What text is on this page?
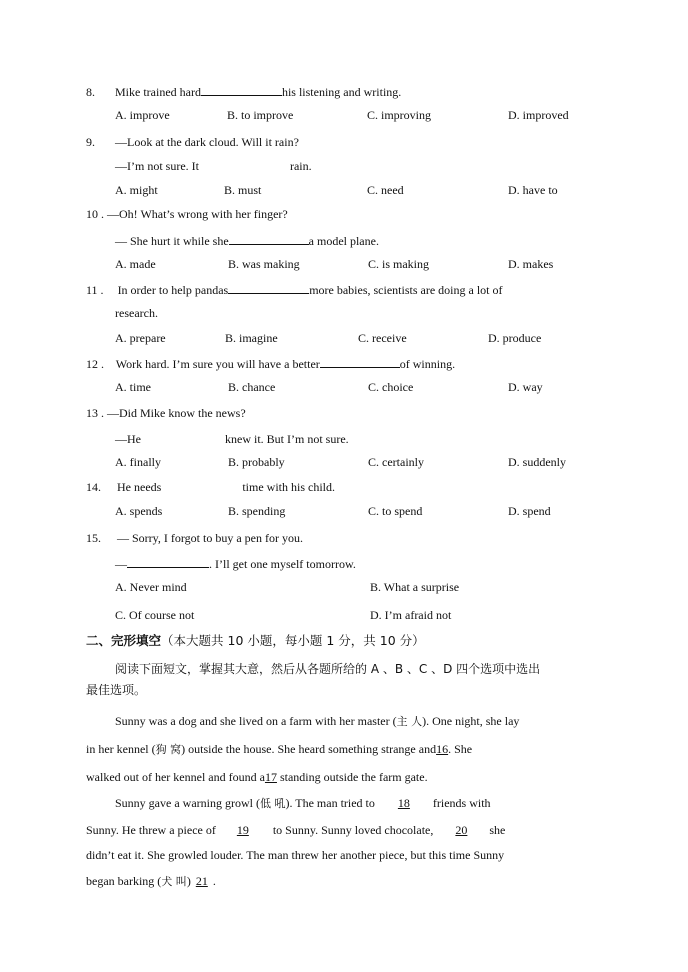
8. Mike trained hard	his listening and writing.
A. improve	B. to improve	C. improving	D. improved
9. —Look at the dark cloud. Will it rain?
—I’m not sure. It	rain.
A. might	B. must	C. need	D. have to
10 . —Oh! What’s wrong with her finger?
— She hurt it while she	a model plane.
A. made	B. was making	C. is making	D. makes
11 . In order to help pandas	more babies, scientists are doing a lot of
research.
A. prepare	B. imagine	C. receive	D. produce
12 . Work hard. I’m sure you will have a better	of winning.
A. time	B. chance	C. choice	D. way
13 . —Did Mike know the news?
—He	knew it. But I’m not sure.
A. finally	B. probably	C. certainly	D. suddenly
14. He needs	time with his child.
A. spends	B. spending	C. to spend	D. spend
15. — Sorry, I forgot to buy a pen for you.
—	. I’ll get one myself tomorrow.
A. Never mind	B. What a surprise
C. Of course not	D. I’m afraid not
二、完形填空（本大题共 10 小题，每小题 1 分，共 10 分）
阅读下面短文，掌握其大意，然后从各题所给的 A 、B 、C 、D 四个选项中选出
最佳选项。
Sunny was a dog and she lived on a farm with her master (主 人). One night, she lay
in her kennel (狗 窝) outside the house. She heard something strange and16. She
walked out of her kennel and found a17 standing outside the farm gate.
Sunny gave a warning growl (低 吼). The man tried to 18 friends with
Sunny. He threw a piece of 19 to Sunny. Sunny loved chocolate, 20 she
didn’t eat it. She growled louder. The man threw her another piece, but this time Sunny
began barking (犬 叫) 21 .
